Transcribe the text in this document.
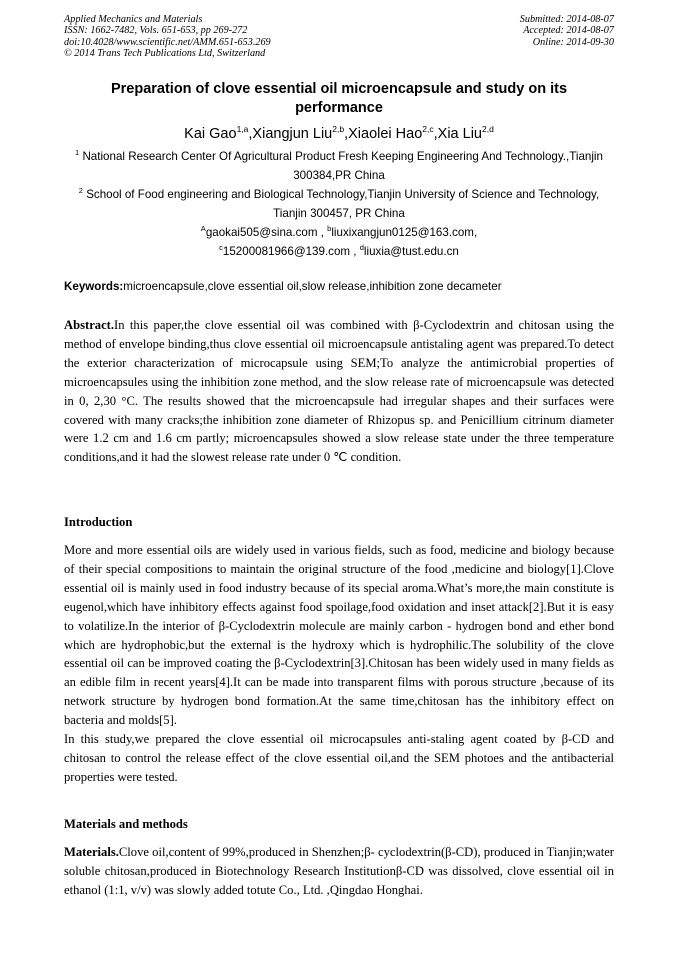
Applied Mechanics and Materials
ISSN: 1662-7482, Vols. 651-653, pp 269-272
doi:10.4028/www.scientific.net/AMM.651-653.269
© 2014 Trans Tech Publications Ltd, Switzerland
Submitted: 2014-08-07
Accepted: 2014-08-07
Online: 2014-09-30
Preparation of clove essential oil microencapsule and study on its performance
Kai Gao$^{1,a}$,Xiangjun Liu$^{2,b}$,Xiaolei Hao$^{2,c}$,Xia Liu$^{2,d}$

$^1$ National Research Center Of Agricultural Product Fresh Keeping Engineering And Technology.,Tianjin 300384,PR China

$^2$ School of Food engineering and Biological Technology,Tianjin University of Science and Technology, Tianjin 300457, PR China

$^A$gaokai505@sina.com , $^b$liuxixangjun0125@163.com,

$^c$15200081966@139.com , $^d$liuxia@tust.edu.cn

Keywords:microencapsule,clove essential oil,slow release,inhibition zone decameter

Abstract.In this paper,the clove essential oil was combined with β-Cyclodextrin and chitosan using the method of envelope binding,thus clove essential oil microencapsule antistaling agent was prepared.To detect the exterior characterization of microcapsule using SEM;To analyze the antimicrobial properties of microencapsules using the inhibition zone method, and the slow release rate of microencapsule was detected in 0, 2,30 °C. The results showed that the microencapsule had irregular shapes and their surfaces were covered with many cracks;the inhibition zone diameter of Rhizopus sp. and Penicillium citrinum diameter were 1.2 cm and 1.6 cm partly; microencapsules showed a slow release state under the three temperature conditions,and it had the slowest release rate under 0 ℃ condition.

Introduction

More and more essential oils are widely used in various fields, such as food, medicine and biology because of their special compositions to maintain the original structure of the food ,medicine and biology[1].Clove essential oil is mainly used in food industry because of its special aroma.What’s more,the main constitute is eugenol,which have inhibitory effects against food spoilage,food oxidation and inset attack[2].But it is easy to volatilize.In the interior of β-Cyclodextrin molecule are mainly carbon - hydrogen bond and ether bond which are hydrophobic,but the external is the hydroxy which is hydrophilic.The solubility of the clove essential oil can be improved coating the β-Cyclodextrin[3].Chitosan has been widely used in many fields as an edible film in recent years[4].It can be made into transparent films with porous structure ,because of its network structure by hydrogen bond formation.At the same time,chitosan has the inhibitory effect on bacteria and molds[5].

In this study,we prepared the clove essential oil microcapsules anti-staling agent coated by β-CD and chitosan to control the release effect of the clove essential oil,and the SEM photoes and the antibacterial properties were tested.

Materials and methods

Materials.Clove oil,content of 99%,produced in Shenzhen;β- cyclodextrin(β-CD), produced in Tianjin;water soluble chitosan,produced in Biotechnology Research Institutionβ-CD was dissolved, clove essential oil in ethanol (1:1, v/v) was slowly added totute Co., Ltd. ,Qingdao Honghai.
